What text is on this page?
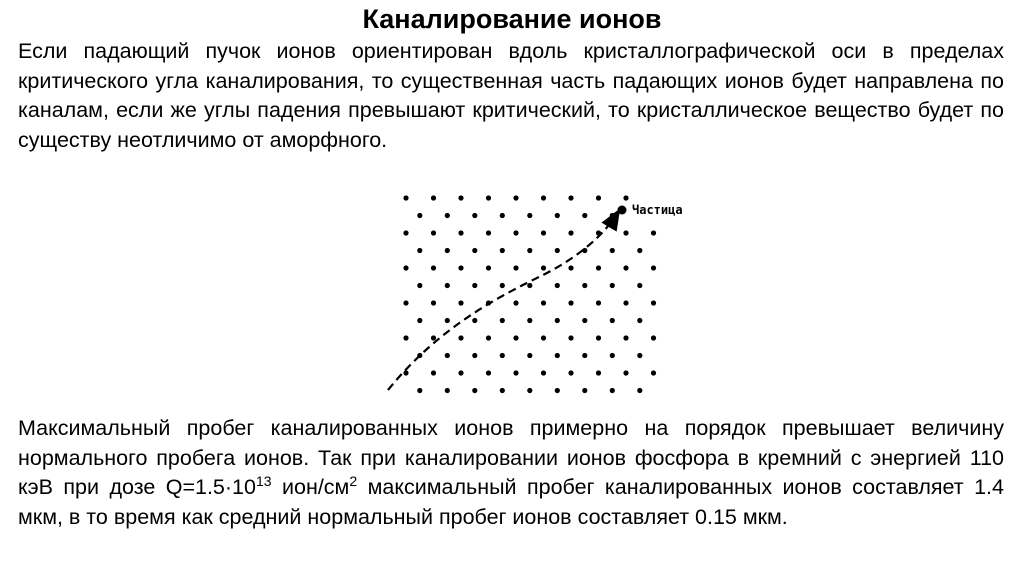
Каналирование ионов
Если падающий пучок ионов ориентирован вдоль кристаллографической оси в пределах критического угла каналирования, то существенная часть падающих ионов будет направлена по каналам, если же углы падения превышают критический, то кристаллическое вещество будет по существу неотличимо от аморфного.
Частица
Максимальный пробег каналированных ионов примерно на порядок превышает величину нормального пробега ионов. Так при каналировании ионов фосфора в кремний с энергией 110 кэВ при дозе $Q=1.5\cdot 10^{13}$ ион/$см^2$ максимальный пробег каналированных ионов составляет 1.4 мкм, в то время как средний нормальный пробег ионов составляет 0.15 мкм.
